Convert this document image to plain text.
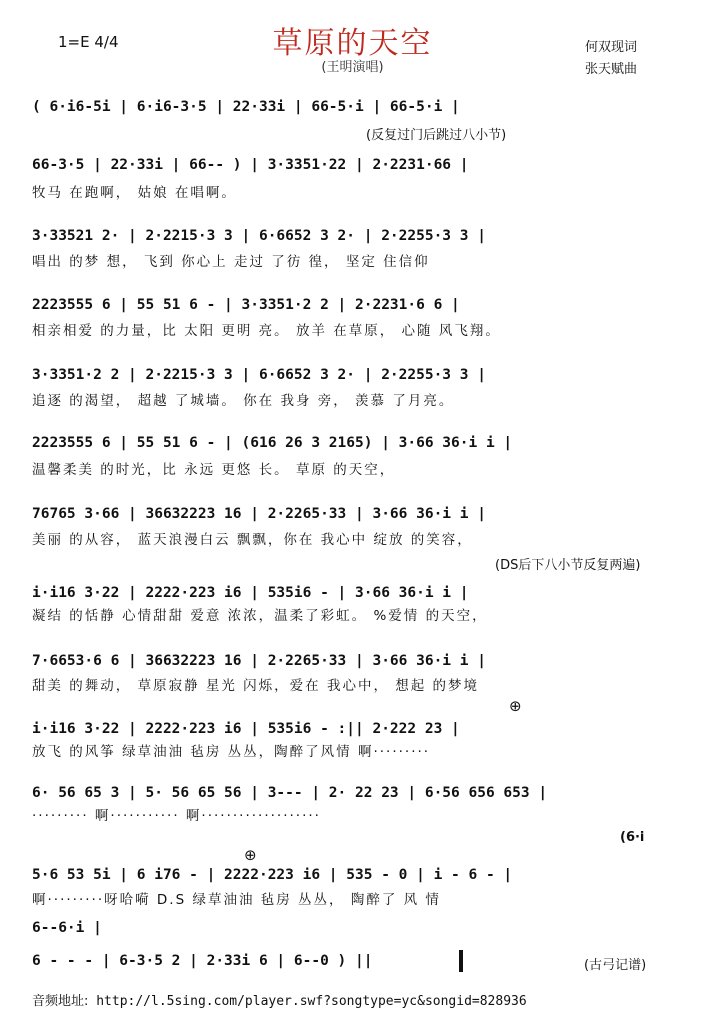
1=E 4/4	草原的天空
(王明演唱)
何双现词
张天赋曲
( 6·i6-5i | 6·i6-3·5 | 22·33i | 66-5·i | 66-5·i |
(反复过门后跳过八小节)
66-3·5 | 22·33i | 66-- ) | 3·3351·22 | 2·2231·66 |
牧马 在跑啊， 姑娘 在唱啊。
3·33521 2· | 2·2215·3 3 | 6·6652 3 2· | 2·2255·3 3 |
唱出 的梦 想， 飞到 你心上 走过 了彷 徨， 坚定 住信仰
2223555 6 | 55 51 6 - | 3·3351·2 2 | 2·2231·6 6 |
相亲相爱 的力量，比 太阳 更明 亮。 放羊 在草原， 心随 风飞翔。
3·3351·2 2 | 2·2215·3 3 | 6·6652 3 2· | 2·2255·3 3 |
追逐 的渴望， 超越 了城墙。 你在 我身 旁， 羡慕 了月亮。
2223555 6 | 55 51 6 - | (616 26 3 2165) | 3·66 36·i i |
温馨柔美 的时光，比 永远 更悠 长。 草原 的天空，
76765 3·66 | 36632223 16 | 2·2265·33 | 3·66 36·i i |
美丽 的从容， 蓝天浪漫白云 飘飘，你在 我心中 绽放 的笑容，
(DS后下八小节反复两遍)
i·i16 3·22 | 2222·223 i6 | 535i6 - | 3·66 36·i i |
凝结 的恬静 心情甜甜 爱意 浓浓，温柔了彩虹。 %爱情 的天空，
7·6653·6 6 | 36632223 16 | 2·2265·33 | 3·66 36·i i |
甜美 的舞动， 草原寂静 星光 闪烁，爱在 我心中， 想起 的梦境
⊕
i·i16 3·22 | 2222·223 i6 | 535i6 - :|| 2·222 23 |
放飞 的风筝 绿草油油 毡房 丛丛，陶醉了风情 啊·········
6· 56 65 3 | 5· 56 65 56 | 3--- | 2· 22 23 | 6·56 656 653 |
········· 啊··········· 啊···················
(6·i
⊕
5·6 53 5i | 6 i76 - | 2222·223 i6 | 535 - 0 | i - 6 - |
啊·········呀哈嗬 D.S 绿草油油 毡房 丛丛， 陶醉了 风 情
6--6·i |
6 - - - | 6-3·5 2 | 2·33i 6 | 6--0 ) ||	(古弓记谱)
音频地址: http://l.5sing.com/player.swf?songtype=yc&songid=828936
